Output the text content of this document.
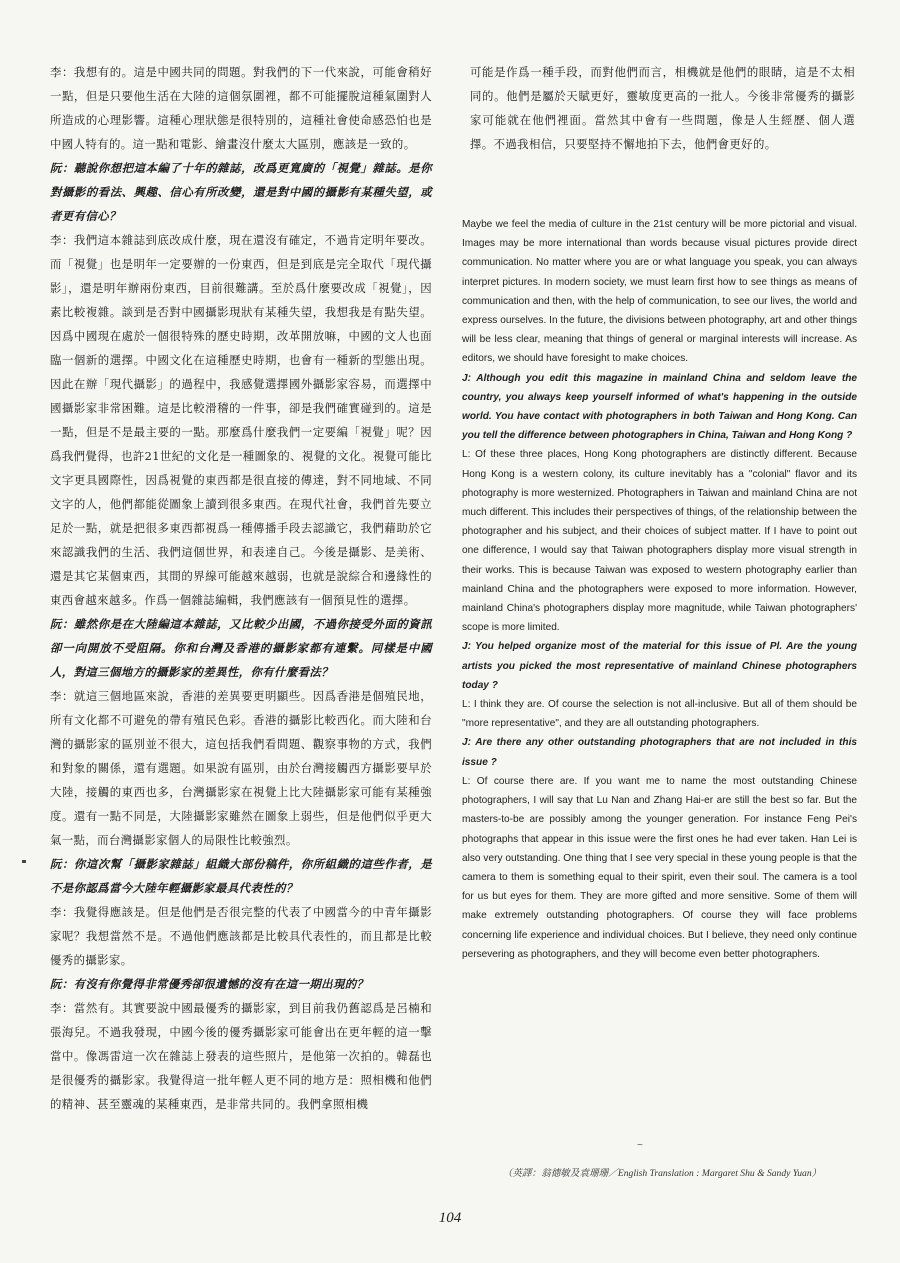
李：我想有的。這是中國共同的問題。對我們的下一代來說，可能會稍好一點，但是只要他生活在大陸的這個氛圍裡，都不可能擺脫這種氣圍對人所造成的心理影響。這種心理狀態是很特別的，這種社會使命感恐怕也是中國人特有的。這一點和電影、繪畫沒什麼太大區別，應該是一致的。

阮：聽說你想把這本編了十年的雜誌，改爲更寬廣的「視覺」雜誌。是你對攝影的看法、興趣、信心有所改變，還是對中國的攝影有某種失望，或者更有信心？

李：我們這本雜誌到底改成什麼，現在還沒有確定，不過肯定明年要改。而「視覺」也是明年一定要辦的一份東西，但是到底是完全取代「現代攝影」，還是明年辦兩份東西，目前很難講。至於爲什麼要改成「視覺」，因素比較複雜。談到是否對中國攝影現狀有某種失望，我想我是有點失望。因爲中國現在處於一個很特殊的歷史時期，改革開放嘛，中國的文人也面臨一個新的選擇。中國文化在這種歷史時期，也會有一種新的型態出現。因此在辦「現代攝影」的過程中，我感覺選擇國外攝影家容易，而選擇中國攝影家非常困難。這是比較滑稽的一件事，卻是我們確實碰到的。這是一點，但是不是最主要的一點。那麼爲什麼我們一定要編「視覺」呢？因爲我們覺得，也許21世紀的文化是一種圖象的、視覺的文化。視覺可能比文字更具國際性，因爲視覺的東西都是很直接的傳達，對不同地域、不同文字的人，他們都能從圖象上讀到很多東西。在現代社會，我們首先要立足於一點，就是把很多東西都視爲一種傳播手段去認識它，我們藉助於它來認識我們的生活、我們這個世界，和表達自己。今後是攝影、是美術、還是其它某個東西，其間的界線可能越來越弱，也就是說綜合和邊緣性的東西會越來越多。作爲一個雜誌編輯，我們應該有一個預見性的選擇。

阮：雖然你是在大陸編這本雜誌，又比較少出國，不過你接受外面的資訊卻一向開放不受阻隔。你和台灣及香港的攝影家都有連繫。同樣是中國人，對這三個地方的攝影家的差異性，你有什麼看法？

李：就這三個地區來說，香港的差異要更明顯些。因爲香港是個殖民地，所有文化都不可避免的帶有殖民色彩。香港的攝影比較西化。而大陸和台灣的攝影家的區別並不很大，這包括我們看問題、觀察事物的方式，我們和對象的關係，還有選題。如果說有區別，由於台灣接觸西方攝影要早於大陸，接觸的東西也多，台灣攝影家在視覺上比大陸攝影家可能有某種強度。還有一點不同是，大陸攝影家雖然在圖象上弱些，但是他們似乎更大氣一點，而台灣攝影家個人的局限性比較強烈。

阮：你這次幫「攝影家雜誌」組織大部份稿件，你所組織的這些作者，是不是你認爲當今大陸年輕攝影家最具代表性的？

李：我覺得應該是。但是他們是否很完整的代表了中國當今的中青年攝影家呢？我想當然不是。不過他們應該都是比較具代表性的，而且都是比較優秀的攝影家。

阮：有沒有你覺得非常優秀卻很遺憾的沒有在這一期出現的？

李：當然有。其實要說中國最優秀的攝影家，到目前我仍舊認爲是呂楠和張海兒。不過我發現，中國今後的優秀攝影家可能會出在更年輕的這一擊當中。像馮雷這一次在雜誌上發表的這些照片，是他第一次拍的。韓磊也是很優秀的攝影家。我覺得這一批年輕人更不同的地方是：照相機和他們的精神、甚至靈魂的某種東西，是非常共同的。我們拿照相機

可能是作爲一種手段，而對他們而言，相機就是他們的眼睛，這是不太相同的。他們是屬於天賦更好，靈敏度更高的一批人。今後非常優秀的攝影家可能就在他們裡面。當然其中會有一些問題，像是人生經歷、個人選擇。不過我相信，只要堅持不懈地拍下去，他們會更好的。

Maybe we feel the media of culture in the 21st century will be more pictorial and visual. Images may be more international than words because visual pictures provide direct communication. No matter where you are or what language you speak, you can always interpret pictures. In modern society, we must learn first how to see things as means of communication and then, with the help of communication, to see our lives, the world and express ourselves. In the future, the divisions between photography, art and other things will be less clear, meaning that things of general or marginal interests will increase. As editors, we should have foresight to make choices.

J: Although you edit this magazine in mainland China and seldom leave the country, you always keep yourself informed of what's happening in the outside world. You have contact with photographers in both Taiwan and Hong Kong. Can you tell the difference between photographers in China, Taiwan and Hong Kong ?

L: Of these three places, Hong Kong photographers are distinctly different. Because Hong Kong is a western colony, its culture inevitably has a "colonial" flavor and its photography is more westernized. Photographers in Taiwan and mainland China are not much different. This includes their perspectives of things, of the relationship between the photographer and his subject, and their choices of subject matter. If I have to point out one difference, I would say that Taiwan photographers display more visual strength in their works. This is because Taiwan was exposed to western photography earlier than mainland China and the photographers were exposed to more information. However, mainland China's photographers display more magnitude, while Taiwan photographers' scope is more limited.

J: You helped organize most of the material for this issue of Pl. Are the young artists you picked the most representative of mainland Chinese photographers today ?

L: I think they are. Of course the selection is not all-inclusive. But all of them should be "more representative", and they are all outstanding photographers.

J: Are there any other outstanding photographers that are not included in this issue ?

L: Of course there are. If you want me to name the most outstanding Chinese photographers, I will say that Lu Nan and Zhang Hai-er are still the best so far. But the masters-to-be are possibly among the younger generation. For instance Feng Pei's photographs that appear in this issue were the first ones he had ever taken. Han Lei is also very outstanding. One thing that I see very special in these young people is that the camera to them is something equal to their spirit, even their soul. The camera is a tool for us but eyes for them. They are more gifted and more sensitive. Some of them will make extremely outstanding photographers. Of course they will face problems concerning life experience and individual choices. But I believe, they need only continue persevering as photographers, and they will become even better photographers.

~
（英譯：翁德敏及袁珊珊／English Translation : Margaret Shu & Sandy Yuan）
104
